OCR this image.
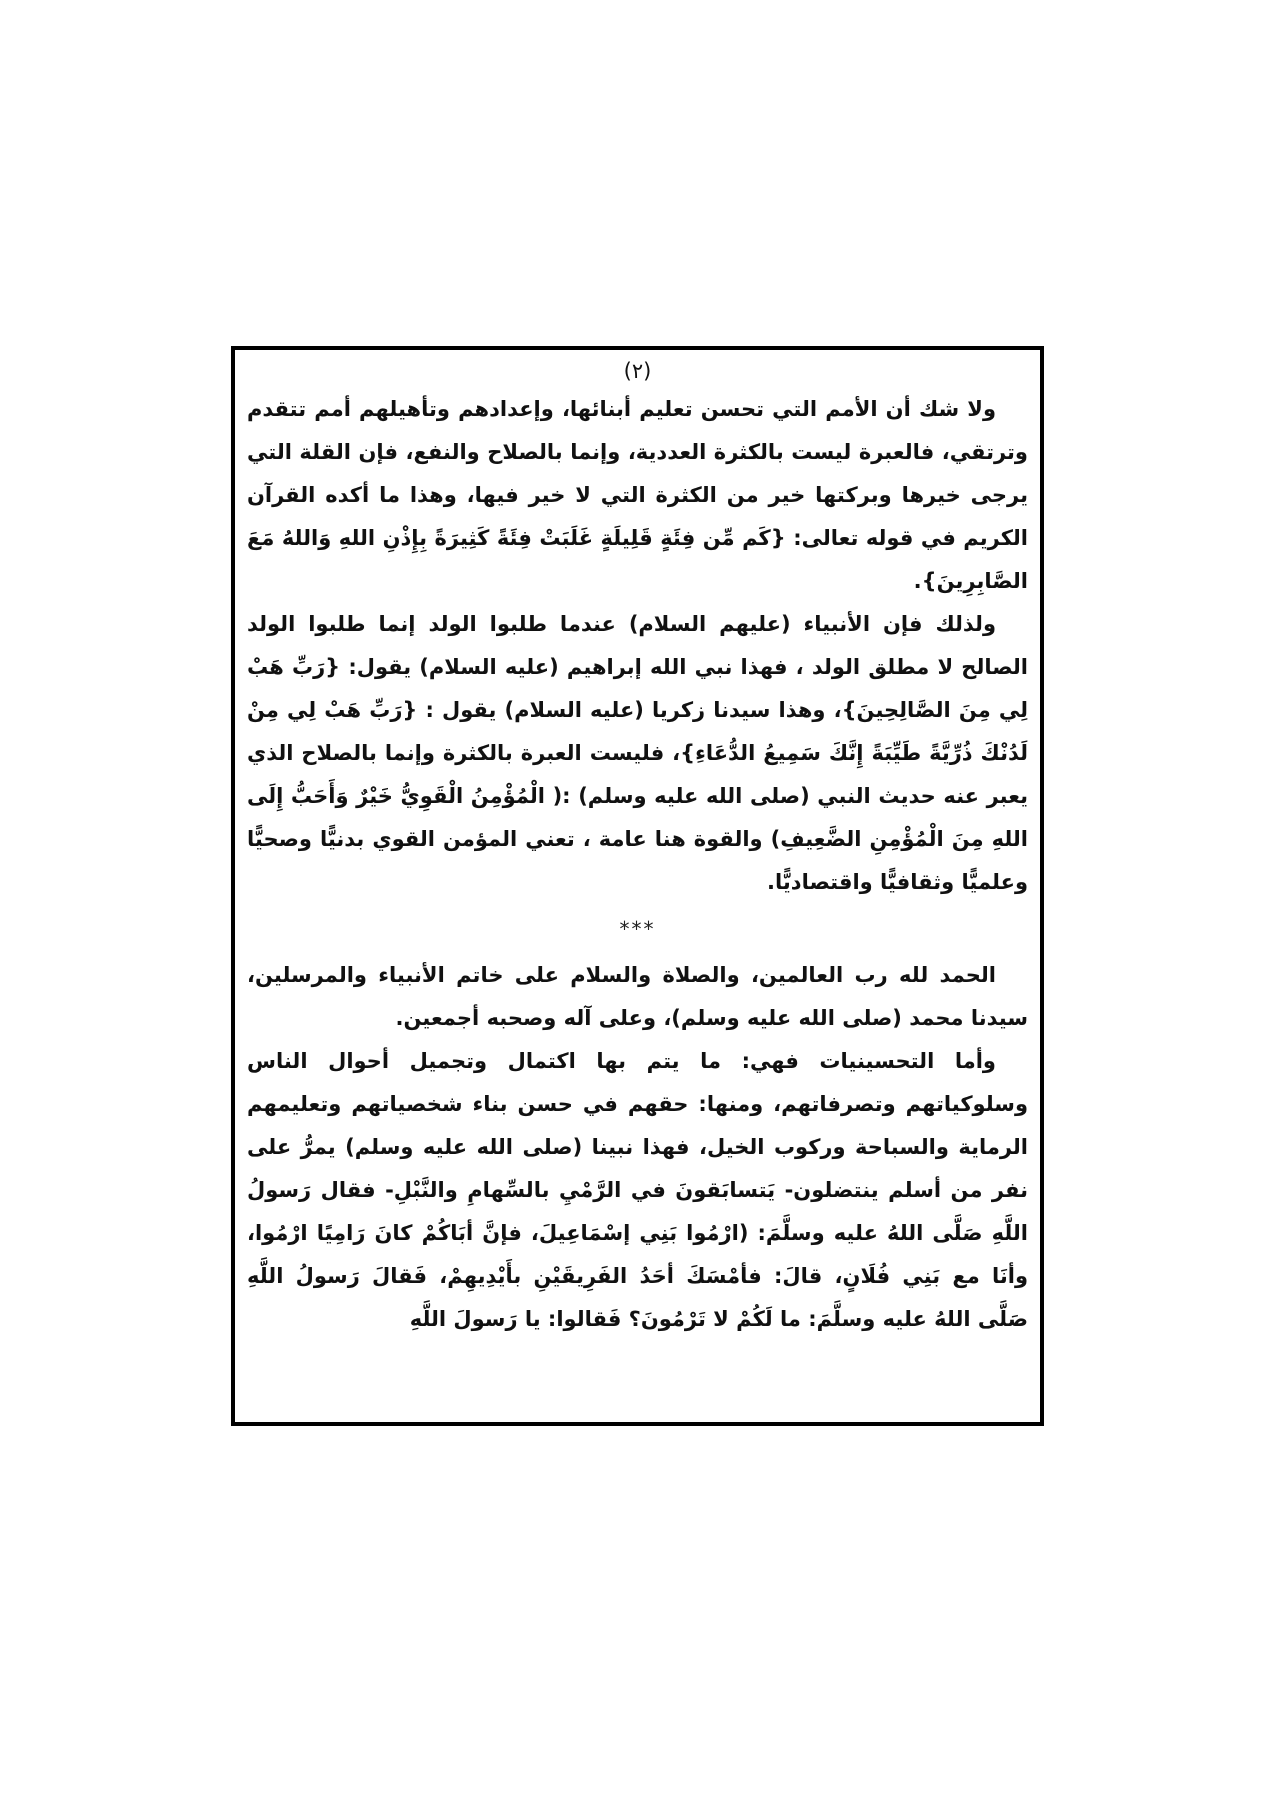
(٢)

ولا شك أن الأمم التي تحسن تعليم أبنائها، وإعدادهم وتأهيلهم أمم تتقدم وترتقي، فالعبرة ليست بالكثرة العددية، وإنما بالصلاح والنفع، فإن القلة التي يرجى خيرها وبركتها خير من الكثرة التي لا خير فيها، وهذا ما أكده القرآن الكريم في قوله تعالى: {كَم مِّن فِئَةٍ قَلِيلَةٍ غَلَبَتْ فِئَةً كَثِيرَةً بِإِذْنِ اللهِ وَاللهُ مَعَ الصَّابِرِينَ}.

ولذلك فإن الأنبياء (عليهم السلام) عندما طلبوا الولد إنما طلبوا الولد الصالح لا مطلق الولد ، فهذا نبي الله إبراهيم (عليه السلام) يقول: {رَبِّ هَبْ لِي مِنَ الصَّالِحِينَ}، وهذا سيدنا زكريا (عليه السلام) يقول : {رَبِّ هَبْ لِي مِنْ لَدُنْكَ ذُرِّيَّةً طَيِّبَةً إِنَّكَ سَمِيعُ الدُّعَاءِ}، فليست العبرة بالكثرة وإنما بالصلاح الذي يعبر عنه حديث النبي (صلى الله عليه وسلم) :( الْمُؤْمِنُ الْقَوِيُّ خَيْرٌ وَأَحَبُّ إِلَى اللهِ مِنَ الْمُؤْمِنِ الضَّعِيفِ) والقوة هنا عامة ، تعني المؤمن القوي بدنيًّا وصحيًّا وعلميًّا وثقافيًّا واقتصاديًّا.

***

الحمد لله رب العالمين، والصلاة والسلام على خاتم الأنبياء والمرسلين، سيدنا محمد (صلى الله عليه وسلم)، وعلى آله وصحبه أجمعين.

وأما التحسينيات فهي: ما يتم بها اكتمال وتجميل أحوال الناس وسلوكياتهم وتصرفاتهم، ومنها: حقهم في حسن بناء شخصياتهم وتعليمهم الرماية والسباحة وركوب الخيل، فهذا نبينا (صلى الله عليه وسلم) يمرُّ على نفر من أسلم ينتضلون- يَتسابَقونَ في الرَّمْيِ بالسِّهامِ والنَّبْلِ- فقال رَسولُ اللَّهِ صَلَّى اللهُ عليه وسلَّمَ: (ارْمُوا بَنِي إسْمَاعِيلَ، فإنَّ أبَاكُمْ كانَ رَامِيًا ارْمُوا، وأنَا مع بَنِي فُلَانٍ، قالَ: فأمْسَكَ أحَدُ الفَرِيقَيْنِ بأَيْدِيهِمْ، فَقالَ رَسولُ اللَّهِ صَلَّى اللهُ عليه وسلَّمَ: ما لَكُمْ لا تَرْمُونَ؟ فَقالوا: يا رَسولَ اللَّهِ
